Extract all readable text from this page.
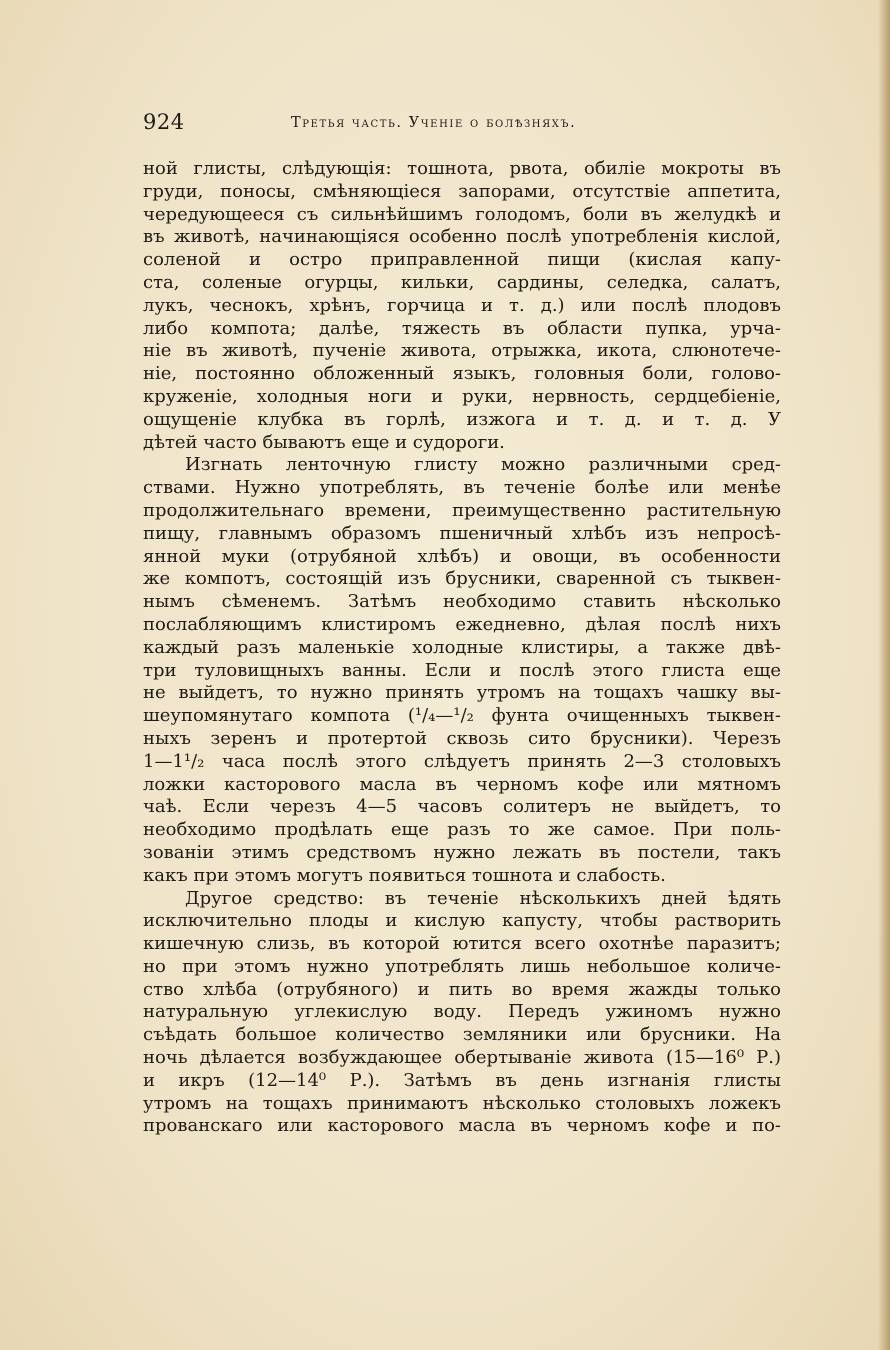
924	Третья часть. Ученіе о болѣзняхъ.
ной глисты, слѣдующія: тошнота, рвота, обиліе мокроты въ
груди, поносы, смѣняющіеся запорами, отсутствіе аппетита,
чередующееся съ сильнѣйшимъ голодомъ, боли въ желудкѣ и
въ животѣ, начинающіяся особенно послѣ употребленія кислой,
соленой и остро приправленной пищи (кислая капу-
ста, соленые огурцы, кильки, сардины, селедка, салатъ,
лукъ, чеснокъ, хрѣнъ, горчица и т. д.) или послѣ плодовъ
либо компота; далѣе, тяжесть въ области пупка, урча-
ніе въ животѣ, пученіе живота, отрыжка, икота, слюнотече-
ніе, постоянно обложенный языкъ, головныя боли, голово-
круженіе, холодныя ноги и руки, нервность, сердцебіеніе,
ощущеніе клубка въ горлѣ, изжога и т. д. и т. д. У
дѣтей часто бываютъ еще и судороги.
Изгнать ленточную глисту можно различными сред-
ствами. Нужно употреблять, въ теченіе болѣе или менѣе
продолжительнаго времени, преимущественно растительную
пищу, главнымъ образомъ пшеничный хлѣбъ изъ непросѣ-
янной муки (отрубяной хлѣбъ) и овощи, въ особенности
же компотъ, состоящій изъ брусники, сваренной съ тыквен-
нымъ сѣменемъ. Затѣмъ необходимо ставить нѣсколько
послабляющимъ клистиромъ ежедневно, дѣлая послѣ нихъ
каждый разъ маленькіе холодные клистиры, а также двѣ-
три туловищныхъ ванны. Если и послѣ этого глиста еще
не выйдетъ, то нужно принять утромъ на тощахъ чашку вы-
шеупомянутаго компота (¹/₄—¹/₂ фунта очищенныхъ тыквен-
ныхъ зеренъ и протертой сквозь сито брусники). Черезъ
1—1¹/₂ часа послѣ этого слѣдуетъ принять 2—3 столовыхъ
ложки касторового масла въ черномъ кофе или мятномъ
чаѣ. Если черезъ 4—5 часовъ солитеръ не выйдетъ, то
необходимо продѣлать еще разъ то же самое. При поль-
зованіи этимъ средствомъ нужно лежать въ постели, такъ
какъ при этомъ могутъ появиться тошнота и слабость.
Другое средство: въ теченіе нѣсколькихъ дней ѣдять
исключительно плоды и кислую капусту, чтобы растворить
кишечную слизь, въ которой ютится всего охотнѣе паразитъ;
но при этомъ нужно употреблять лишь небольшое количе-
ство хлѣба (отрубяного) и пить во время жажды только
натуральную углекислую воду. Передъ ужиномъ нужно
съѣдать большое количество земляники или брусники. На
ночь дѣлается возбуждающее обертываніе живота (15—16⁰ Р.)
и икръ (12—14⁰ Р.). Затѣмъ въ день изгнанія глисты
утромъ на тощахъ принимаютъ нѣсколько столовыхъ ложекъ
прованскаго или касторового масла въ черномъ кофе и по-
